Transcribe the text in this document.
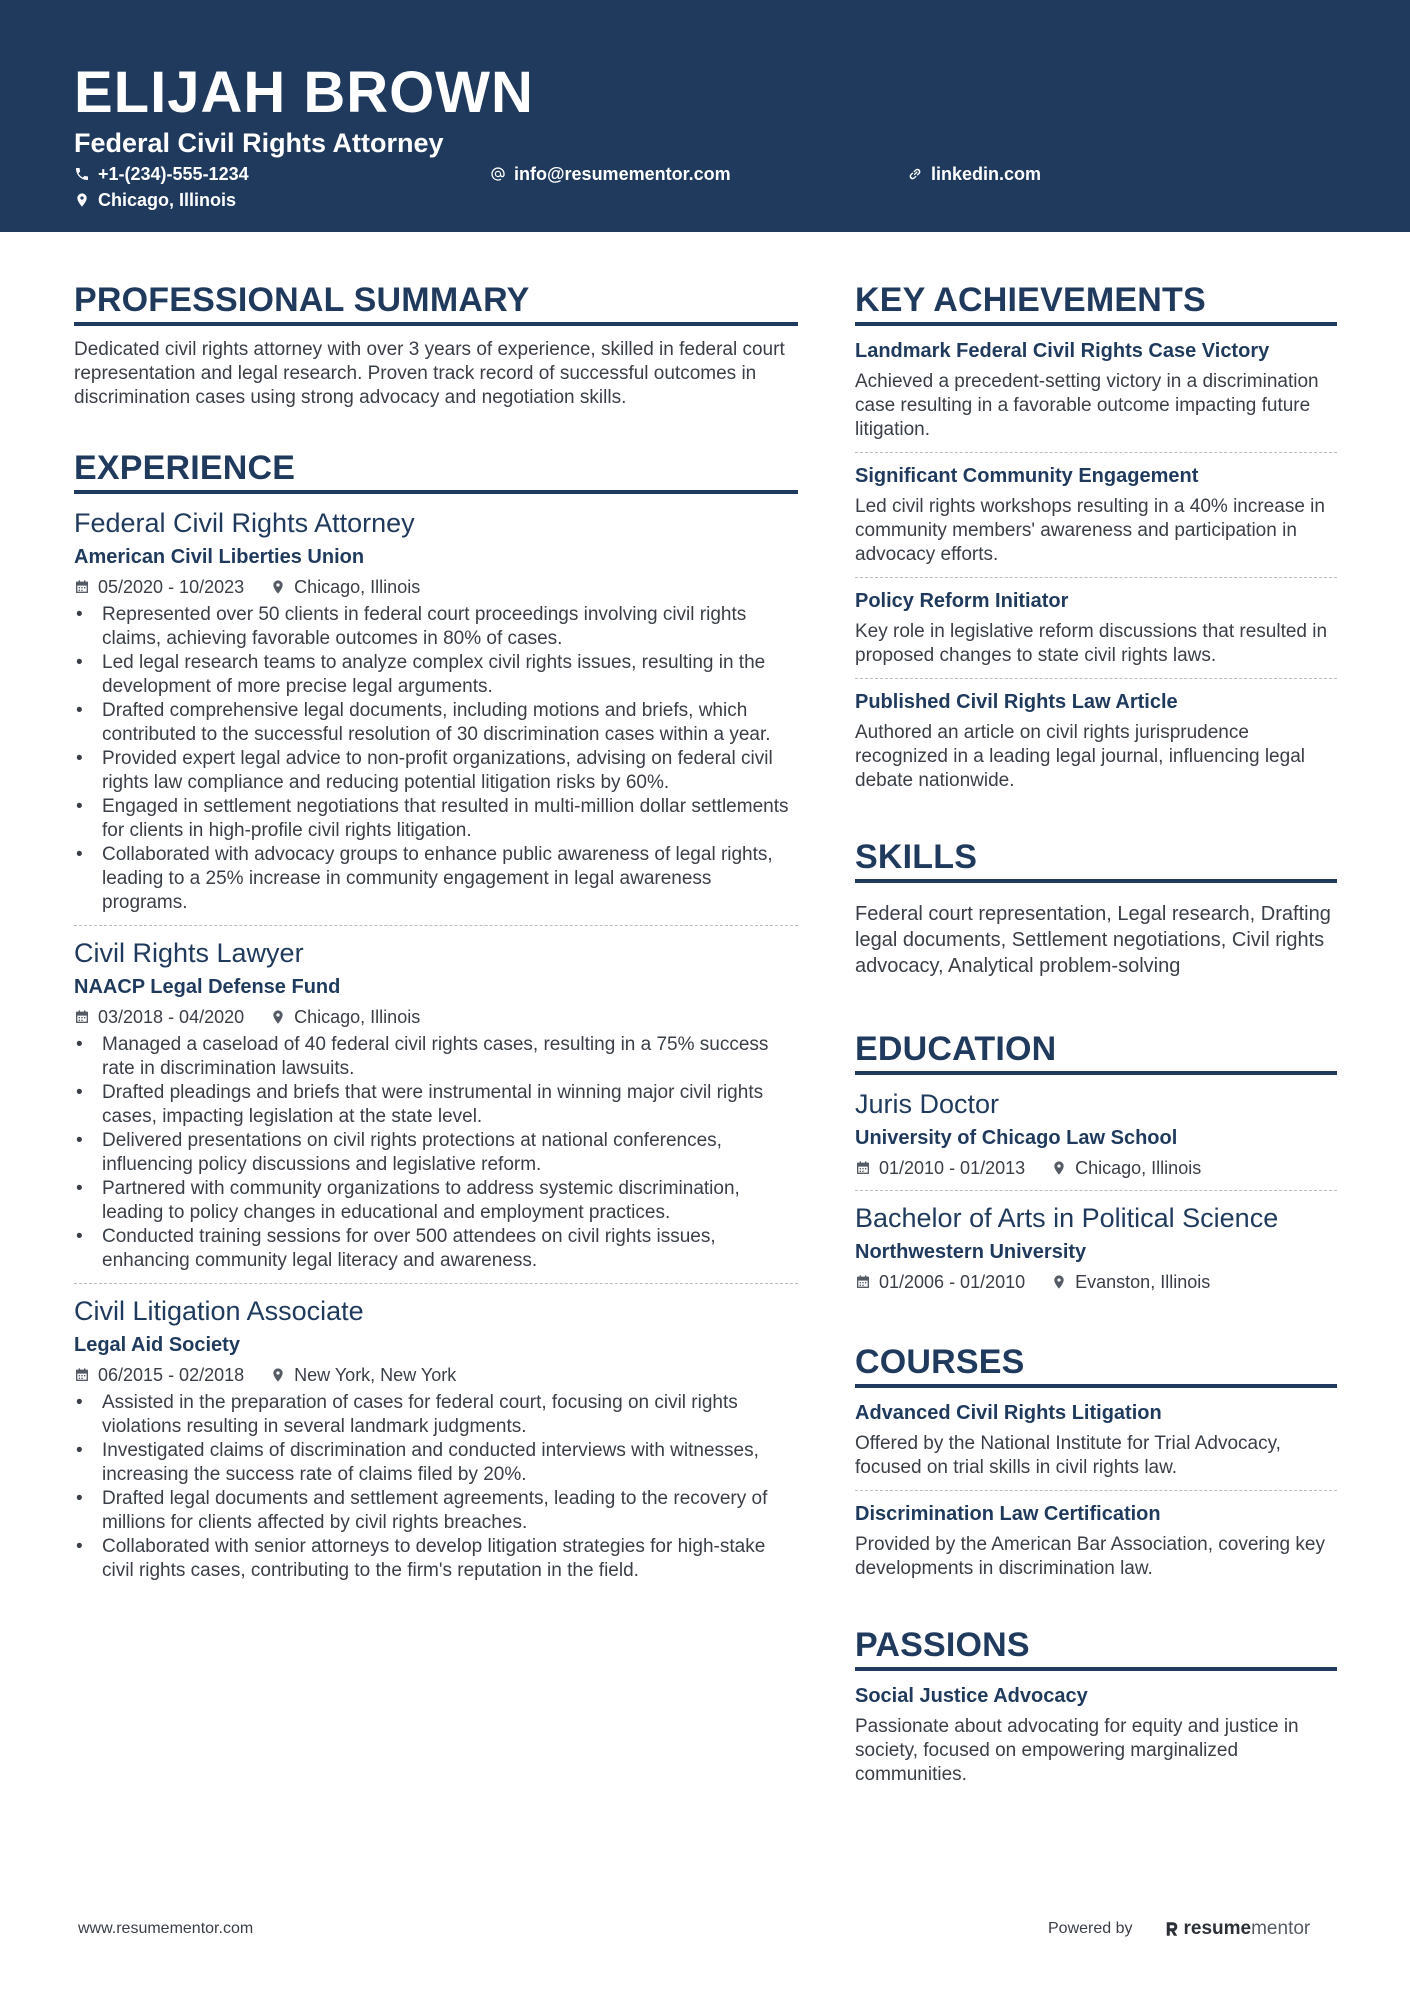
ELIJAH BROWN
Federal Civil Rights Attorney
+1-(234)-555-1234	info@resumementor.com	linkedin.com
Chicago, Illinois
PROFESSIONAL SUMMARY
Dedicated civil rights attorney with over 3 years of experience, skilled in federal court representation and legal research. Proven track record of successful outcomes in discrimination cases using strong advocacy and negotiation skills.
EXPERIENCE
Federal Civil Rights Attorney
American Civil Liberties Union
05/2020 - 10/2023	Chicago, Illinois
• Represented over 50 clients in federal court proceedings involving civil rights claims, achieving favorable outcomes in 80% of cases.
• Led legal research teams to analyze complex civil rights issues, resulting in the development of more precise legal arguments.
• Drafted comprehensive legal documents, including motions and briefs, which contributed to the successful resolution of 30 discrimination cases within a year.
• Provided expert legal advice to non-profit organizations, advising on federal civil rights law compliance and reducing potential litigation risks by 60%.
• Engaged in settlement negotiations that resulted in multi-million dollar settlements for clients in high-profile civil rights litigation.
• Collaborated with advocacy groups to enhance public awareness of legal rights, leading to a 25% increase in community engagement in legal awareness programs.
Civil Rights Lawyer
NAACP Legal Defense Fund
03/2018 - 04/2020	Chicago, Illinois
• Managed a caseload of 40 federal civil rights cases, resulting in a 75% success rate in discrimination lawsuits.
• Drafted pleadings and briefs that were instrumental in winning major civil rights cases, impacting legislation at the state level.
• Delivered presentations on civil rights protections at national conferences, influencing policy discussions and legislative reform.
• Partnered with community organizations to address systemic discrimination, leading to policy changes in educational and employment practices.
• Conducted training sessions for over 500 attendees on civil rights issues, enhancing community legal literacy and awareness.
Civil Litigation Associate
Legal Aid Society
06/2015 - 02/2018	New York, New York
• Assisted in the preparation of cases for federal court, focusing on civil rights violations resulting in several landmark judgments.
• Investigated claims of discrimination and conducted interviews with witnesses, increasing the success rate of claims filed by 20%.
• Drafted legal documents and settlement agreements, leading to the recovery of millions for clients affected by civil rights breaches.
• Collaborated with senior attorneys to develop litigation strategies for high-stake civil rights cases, contributing to the firm's reputation in the field.
KEY ACHIEVEMENTS
Landmark Federal Civil Rights Case Victory
Achieved a precedent-setting victory in a discrimination case resulting in a favorable outcome impacting future litigation.
Significant Community Engagement
Led civil rights workshops resulting in a 40% increase in community members' awareness and participation in advocacy efforts.
Policy Reform Initiator
Key role in legislative reform discussions that resulted in proposed changes to state civil rights laws.
Published Civil Rights Law Article
Authored an article on civil rights jurisprudence recognized in a leading legal journal, influencing legal debate nationwide.
SKILLS
Federal court representation, Legal research, Drafting legal documents, Settlement negotiations, Civil rights advocacy, Analytical problem-solving
EDUCATION
Juris Doctor
University of Chicago Law School
01/2010 - 01/2013	Chicago, Illinois
Bachelor of Arts in Political Science
Northwestern University
01/2006 - 01/2010	Evanston, Illinois
COURSES
Advanced Civil Rights Litigation
Offered by the National Institute for Trial Advocacy, focused on trial skills in civil rights law.
Discrimination Law Certification
Provided by the American Bar Association, covering key developments in discrimination law.
PASSIONS
Social Justice Advocacy
Passionate about advocating for equity and justice in society, focused on empowering marginalized communities.
www.resumementor.com	Powered by	resume mentor
